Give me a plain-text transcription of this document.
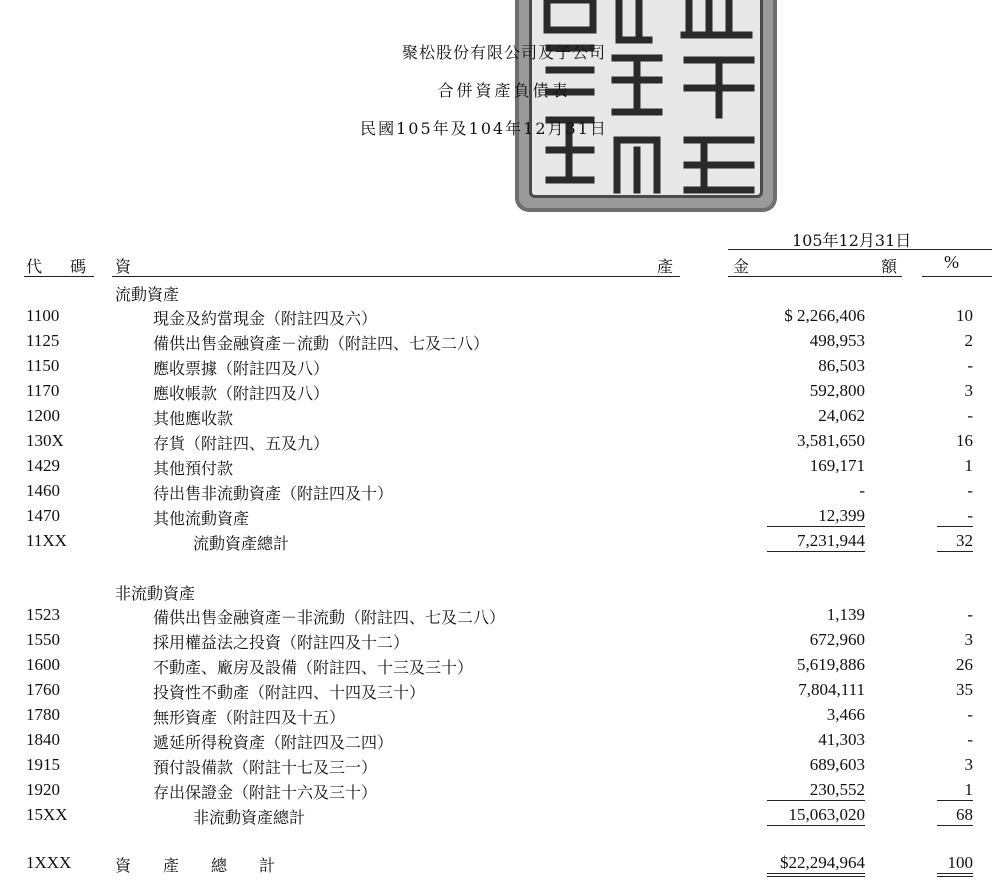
聚松股份有限公司及子公司
合併資產負債表
民國105年及104年12月31日
105年12月31日
代　碼 資	產	金	額	%
流動資產
1100	現金及約當現金（附註四及六）	$ 2,266,406	10
1125	備供出售金融資產－流動（附註四、七及二八）	498,953	2
1150	應收票據（附註四及八）	86,503	-
1170	應收帳款（附註四及八）	592,800	3
1200	其他應收款	24,062	-
130X	存貨（附註四、五及九）	3,581,650	16
1429	其他預付款	169,171	1
1460	待出售非流動資產（附註四及十）	-	-
1470	其他流動資產	12,399	-
11XX	流動資產總計	7,231,944	32
非流動資產
1523	備供出售金融資產－非流動（附註四、七及二八）	1,139	-
1550	採用權益法之投資（附註四及十二）	672,960	3
1600	不動產、廠房及設備（附註四、十三及三十）	5,619,886	26
1760	投資性不動產（附註四、十四及三十）	7,804,111	35
1780	無形資產（附註四及十五）	3,466	-
1840	遞延所得稅資產（附註四及二四）	41,303	-
1915	預付設備款（附註十七及三一）	689,603	3
1920	存出保證金（附註十六及三十）	230,552	1
15XX	非流動資產總計	15,063,020	68
1XXX	資　　產　　總　　計	$22,294,964	100
